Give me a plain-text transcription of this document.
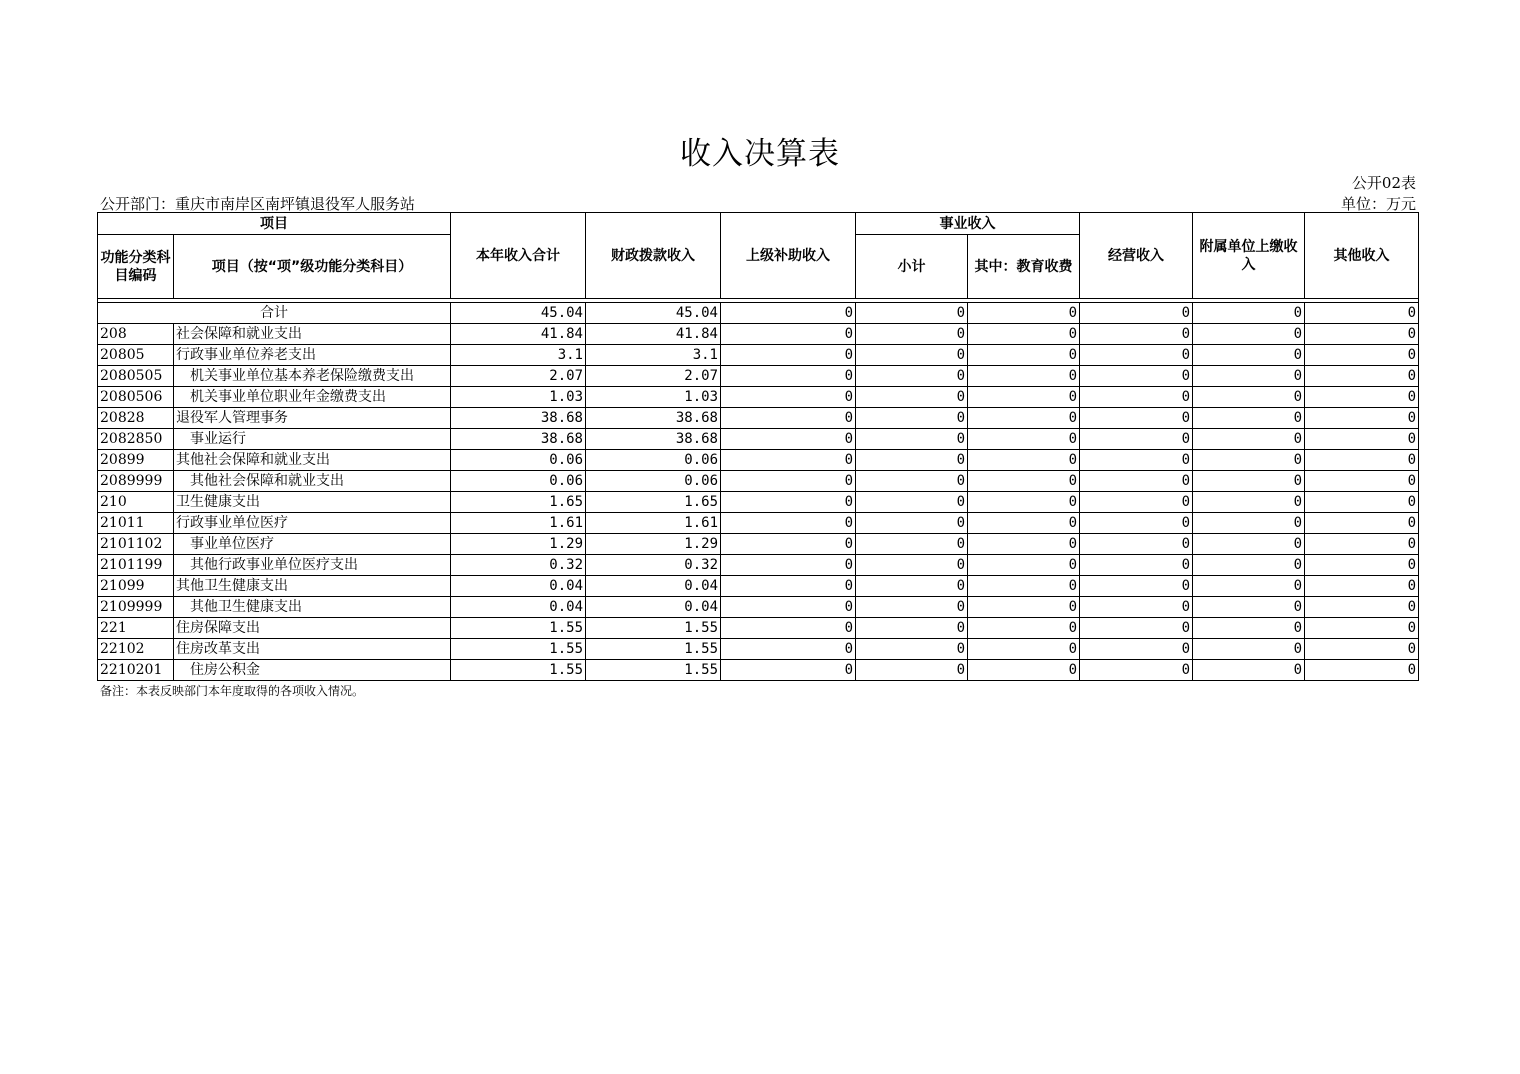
收入决算表
公开02表
公开部门：重庆市南岸区南坪镇退役军人服务站	单位：万元
项目		本年收入合计	财政拨款收入	上级补助收入	事业收入		经营收入	附属单位上缴收入	其他收入
功能分类科目编码	项目（按“项”级功能分类科目）				小计	其中：教育收费			

合计		45.04	45.04	0	0	0	0	0	0
208	社会保障和就业支出	41.84	41.84	0	0	0	0	0	0
20805	行政事业单位养老支出	3.1	3.1	0	0	0	0	0	0
2080505	机关事业单位基本养老保险缴费支出	2.07	2.07	0	0	0	0	0	0
2080506	机关事业单位职业年金缴费支出	1.03	1.03	0	0	0	0	0	0
20828	退役军人管理事务	38.68	38.68	0	0	0	0	0	0
2082850	事业运行	38.68	38.68	0	0	0	0	0	0
20899	其他社会保障和就业支出	0.06	0.06	0	0	0	0	0	0
2089999	其他社会保障和就业支出	0.06	0.06	0	0	0	0	0	0
210	卫生健康支出	1.65	1.65	0	0	0	0	0	0
21011	行政事业单位医疗	1.61	1.61	0	0	0	0	0	0
2101102	事业单位医疗	1.29	1.29	0	0	0	0	0	0
2101199	其他行政事业单位医疗支出	0.32	0.32	0	0	0	0	0	0
21099	其他卫生健康支出	0.04	0.04	0	0	0	0	0	0
2109999	其他卫生健康支出	0.04	0.04	0	0	0	0	0	0
221	住房保障支出	1.55	1.55	0	0	0	0	0	0
22102	住房改革支出	1.55	1.55	0	0	0	0	0	0
2210201	住房公积金	1.55	1.55	0	0	0	0	0	0
备注：本表反映部门本年度取得的各项收入情况。
